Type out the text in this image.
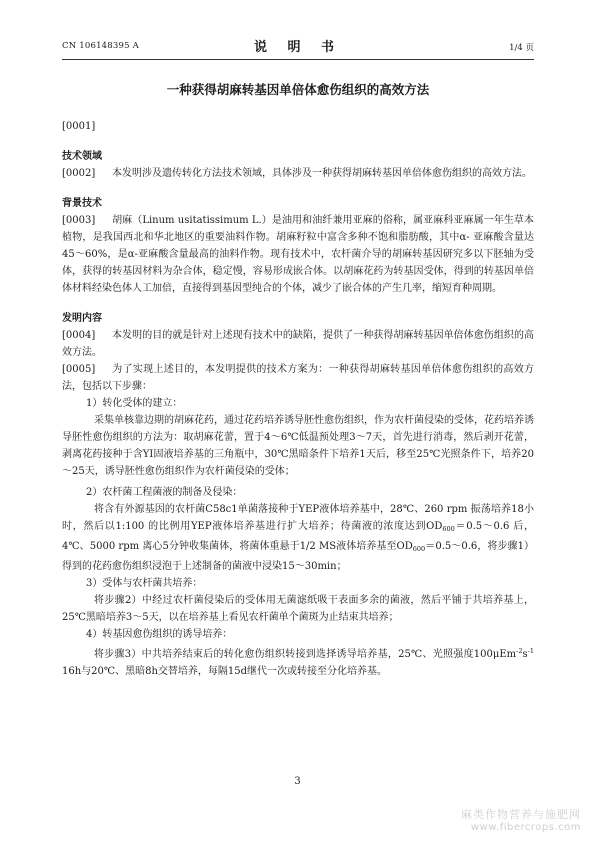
CN 106148395 A	说 明 书	1/4 页
一种获得胡麻转基因单倍体愈伤组织的高效方法

[0001]

技术领域

[0002] 本发明涉及遗传转化方法技术领域，具体涉及一种获得胡麻转基因单倍体愈伤组织的高效方法。

背景技术

[0003] 胡麻（Linum usitatissimum L.）是油用和油纤兼用亚麻的俗称，属亚麻科亚麻属一年生草本植物，是我国西北和华北地区的重要油料作物。胡麻籽粒中富含多种不饱和脂肪酸，其中α- 亚麻酸含量达45～60%，是α-亚麻酸含量最高的油料作物。现有技术中，农杆菌介导的胡麻转基因研究多以下胚轴为受体，获得的转基因材料为杂合体，稳定慢，容易形成嵌合体。以胡麻花药为转基因受体，得到的转基因单倍体材料经染色体人工加倍，直接得到基因型纯合的个体，减少了嵌合体的产生几率，缩短育种周期。

发明内容

[0004] 本发明的目的就是针对上述现有技术中的缺陷，提供了一种获得胡麻转基因单倍体愈伤组织的高效方法。

[0005] 为了实现上述目的，本发明提供的技术方案为：一种获得胡麻转基因单倍体愈伤组织的高效方法，包括以下步骤：

1）转化受体的建立：

采集单核靠边期的胡麻花药，通过花药培养诱导胚性愈伤组织，作为农杆菌侵染的受体，花药培养诱导胚性愈伤组织的方法为：取胡麻花蕾，置于4～6℃低温预处理3～7天，首先进行消毒，然后剥开花蕾，剥离花药接种于含YI固液培养基的三角瓶中，30℃黑暗条件下培养1天后，移至25℃光照条件下，培养20～25天，诱导胚性愈伤组织作为农杆菌侵染的受体；

2）农杆菌工程菌液的制备及侵染：

将含有外源基因的农杆菌C58c1单菌落接种于YEP液体培养基中，28℃、260 rpm 振荡培养18小时，然后以1:100 的比例用YEP液体培养基进行扩大培养；待菌液的浓度达到$OD_{600}=0.5\sim 0.6$ 后，4℃、5000 rpm 离心5分钟收集菌体，将菌体重悬于1/2 MS液体培养基至$OD_{600}=0.5\sim 0.6$，将步骤1）得到的花药愈伤组织浸泡于上述制备的菌液中浸染15～30min；

3）受体与农杆菌共培养：

将步骤2）中经过农杆菌侵染后的受体用无菌滤纸吸干表面多余的菌液，然后平铺于共培养基上，25℃黑暗培养3～5天，以在培养基上看见农杆菌单个菌斑为止结束共培养；

4）转基因愈伤组织的诱导培养：

将步骤3）中共培养结束后的转化愈伤组织转接到选择诱导培养基，25℃、光照强度$100\mu Em^{-2}s^{-1}$ 16h与20℃、黑暗8h交替培养，每隔15d继代一次或转接至分化培养基。

3
麻类作物营养与施肥网
www.fibercrops.com
